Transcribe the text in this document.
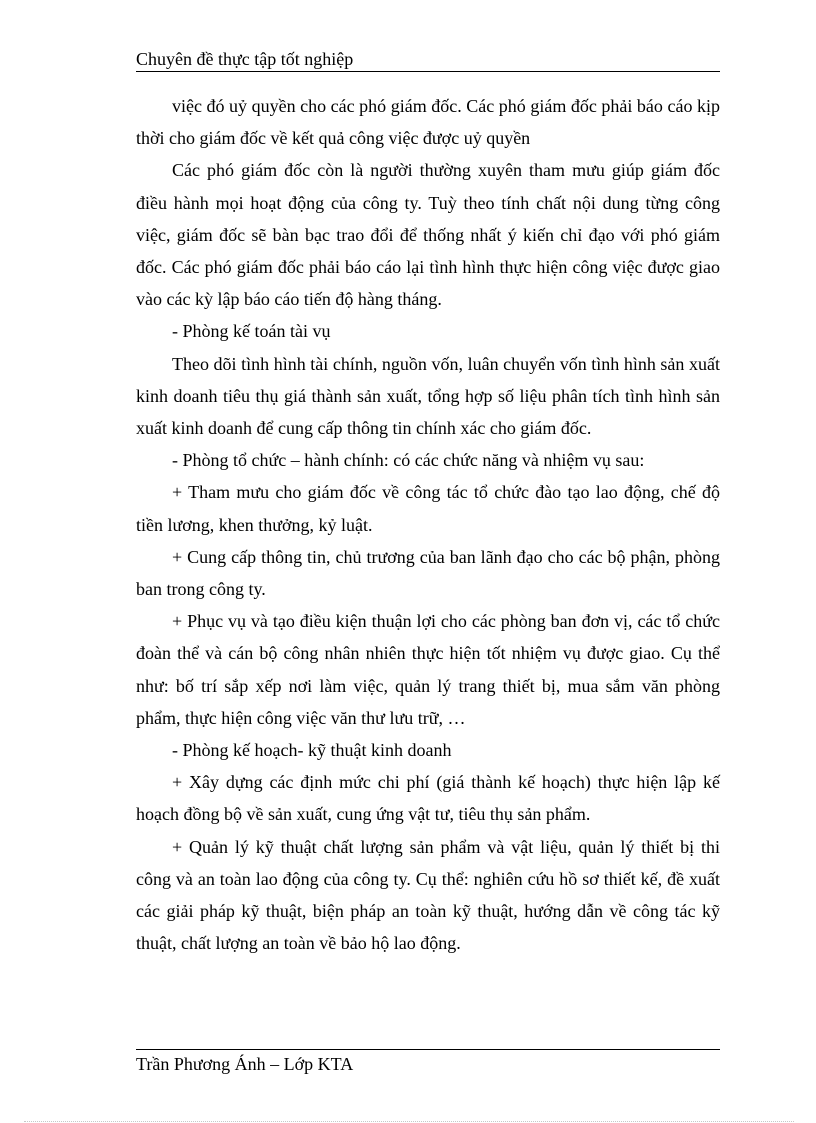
Chuyên đề thực tập tốt nghiệp

việc đó uỷ quyền cho các phó giám đốc. Các phó giám đốc phải báo cáo kịp thời cho giám đốc về kết quả công việc được uỷ quyền

Các phó giám đốc còn là người thường xuyên tham mưu giúp giám đốc điều hành mọi hoạt động của công ty. Tuỳ theo tính chất nội dung từng công việc, giám đốc sẽ bàn bạc trao đổi để thống nhất ý kiến chỉ đạo với phó giám đốc. Các phó giám đốc phải báo cáo lại tình hình thực hiện công việc được giao vào các kỳ lập báo cáo tiến độ hàng tháng.

- Phòng kế toán tài vụ

Theo dõi tình hình tài chính, nguồn vốn, luân chuyển vốn tình hình sản xuất kinh doanh tiêu thụ giá thành sản xuất, tổng hợp số liệu phân tích tình hình sản xuất kinh doanh để cung cấp thông tin chính xác cho giám đốc.

- Phòng tổ chức – hành chính: có các chức năng và nhiệm vụ sau:

+ Tham mưu cho giám đốc về công tác tổ chức đào tạo lao động, chế độ tiền lương, khen thưởng, kỷ luật.

+ Cung cấp thông tin, chủ trương của ban lãnh đạo cho các bộ phận, phòng ban trong công ty.

+ Phục vụ và tạo điều kiện thuận lợi cho các phòng ban đơn vị, các tổ chức đoàn thể và cán bộ công nhân nhiên thực hiện tốt nhiệm vụ được giao. Cụ thể như: bố trí sắp xếp nơi làm việc, quản lý trang thiết bị, mua sắm văn phòng phẩm, thực hiện công việc văn thư lưu trữ, …

- Phòng kế hoạch- kỹ thuật kinh doanh

+ Xây dựng các định mức chi phí (giá thành kế hoạch) thực hiện lập kế hoạch đồng bộ về sản xuất, cung ứng vật tư, tiêu thụ sản phẩm.

+ Quản lý kỹ thuật chất lượng sản phẩm và vật liệu, quản lý thiết bị thi công và an toàn lao động của công ty. Cụ thể: nghiên cứu hồ sơ thiết kế, đề xuất các giải pháp kỹ thuật, biện pháp an toàn kỹ thuật, hướng dẫn về công tác kỹ thuật, chất lượng an toàn về bảo hộ lao động.

Trần Phương Ánh – Lớp KTA
